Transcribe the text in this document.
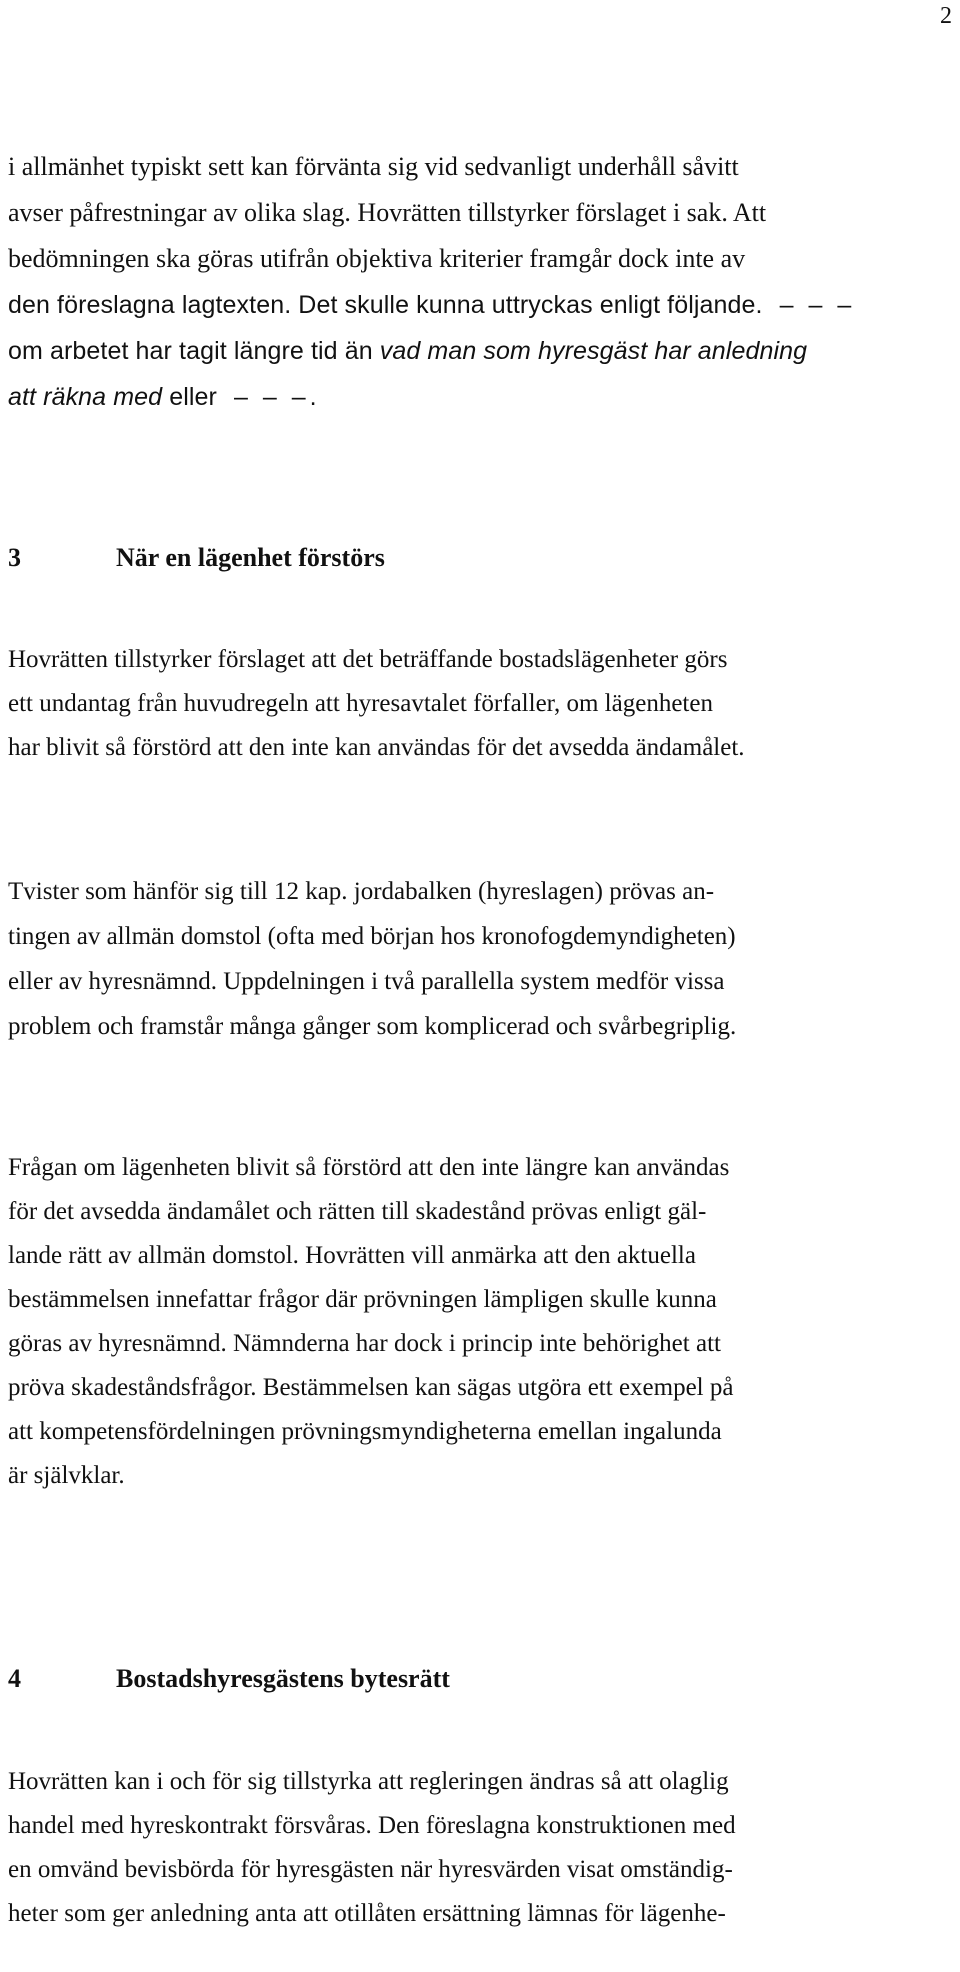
2
i allmänhet typiskt sett kan förvänta sig vid sedvanligt underhåll såvitt
avser påfrestningar av olika slag. Hovrätten tillstyrker förslaget i sak. Att
bedömningen ska göras utifrån objektiva kriterier framgår dock inte av
den föreslagna lagtexten. Det skulle kunna uttryckas enligt följande. – – –
om arbetet har tagit längre tid än vad man som hyresgäst har anledning
att räkna med eller – – –.
3	När en lägenhet förstörs
Hovrätten tillstyrker förslaget att det beträffande bostadslägenheter görs
ett undantag från huvudregeln att hyresavtalet förfaller, om lägenheten
har blivit så förstörd att den inte kan användas för det avsedda ändamålet.
Tvister som hänför sig till 12 kap. jordabalken (hyreslagen) prövas an-
tingen av allmän domstol (ofta med början hos kronofogdemyndigheten)
eller av hyresnämnd. Uppdelningen i två parallella system medför vissa
problem och framstår många gånger som komplicerad och svårbegriplig.
Frågan om lägenheten blivit så förstörd att den inte längre kan användas
för det avsedda ändamålet och rätten till skadestånd prövas enligt gäl-
lande rätt av allmän domstol. Hovrätten vill anmärka att den aktuella
bestämmelsen innefattar frågor där prövningen lämpligen skulle kunna
göras av hyresnämnd. Nämnderna har dock i princip inte behörighet att
pröva skadeståndsfrågor. Bestämmelsen kan sägas utgöra ett exempel på
att kompetensfördelningen prövningsmyndigheterna emellan ingalunda
är självklar.
4	Bostadshyresgästens bytesrätt
Hovrätten kan i och för sig tillstyrka att regleringen ändras så att olaglig
handel med hyreskontrakt försvåras. Den föreslagna konstruktionen med
en omvänd bevisbörda för hyresgästen när hyresvärden visat omständig-
heter som ger anledning anta att otillåten ersättning lämnas för lägenhe-
